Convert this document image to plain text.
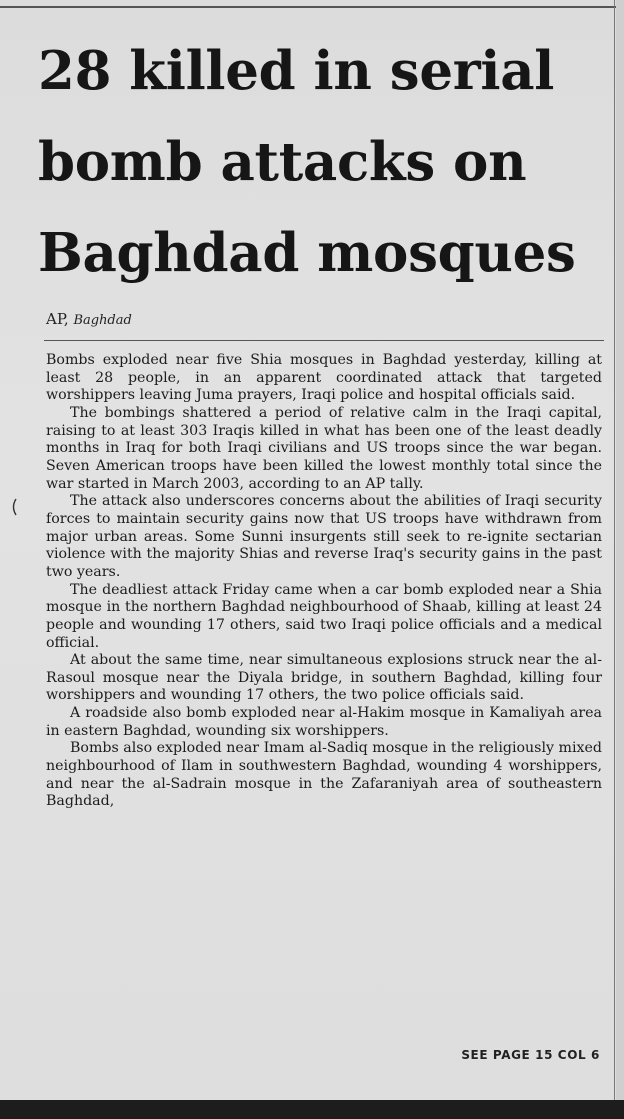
28 killed in serial
bomb attacks on
Baghdad mosques
AP, Baghdad

Bombs exploded near five Shia mosques in Baghdad yesterday, killing at least 28 people, in an apparent coordinated attack that targeted worshippers leaving Juma prayers, Iraqi police and hospital officials said.

The bombings shattered a period of relative calm in the Iraqi capital, raising to at least 303 Iraqis killed in what has been one of the least deadly months in Iraq for both Iraqi civilians and US troops since the war began. Seven American troops have been killed the lowest monthly total since the war started in March 2003, according to an AP tally.

The attack also underscores concerns about the abilities of Iraqi security forces to maintain security gains now that US troops have withdrawn from major urban areas. Some Sunni insurgents still seek to re-ignite sectarian violence with the majority Shias and reverse Iraq's security gains in the past two years.

The deadliest attack Friday came when a car bomb exploded near a Shia mosque in the northern Baghdad neighbourhood of Shaab, killing at least 24 people and wounding 17 others, said two Iraqi police officials and a medical official.

At about the same time, near simultaneous explosions struck near the al-Rasoul mosque near the Diyala bridge, in southern Baghdad, killing four worshippers and wounding 17 others, the two police officials said.

A roadside also bomb exploded near al-Hakim mosque in Kamaliyah area in eastern Baghdad, wounding six worshippers.

Bombs also exploded near Imam al-Sadiq mosque in the religiously mixed neighbourhood of Ilam in southwestern Baghdad, wounding 4 worshippers, and near the al-Sadrain mosque in the Zafaraniyah area of southeastern Baghdad,

SEE PAGE 15 COL 6
